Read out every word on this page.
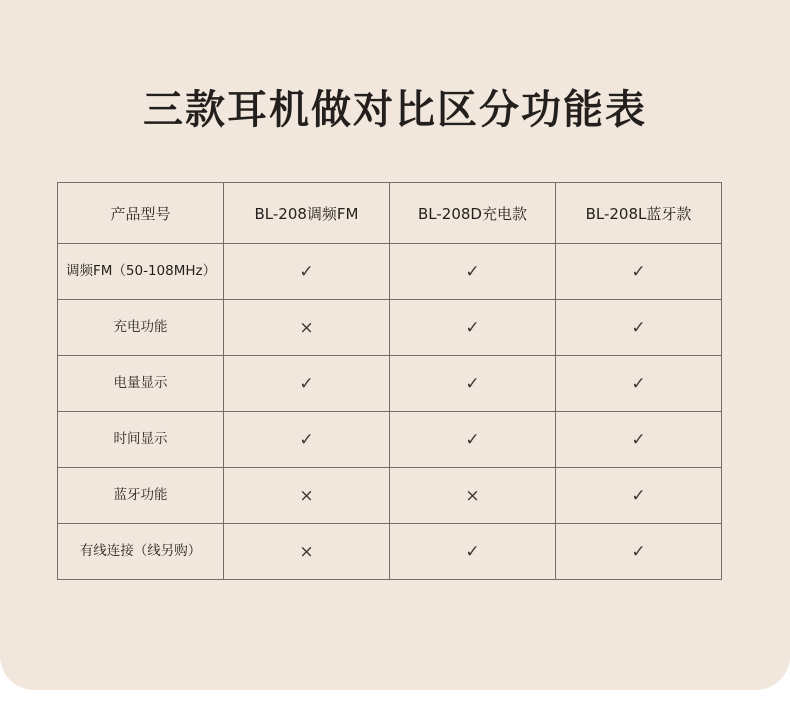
三款耳机做对比区分功能表
产品型号	BL-208调频FM	BL-208D充电款	BL-208L蓝牙款
调频FM（50-108MHz）	✓	✓	✓
充电功能	×	✓	✓
电量显示	✓	✓	✓
时间显示	✓	✓	✓
蓝牙功能	×	×	✓
有线连接（线另购）	×	✓	✓
